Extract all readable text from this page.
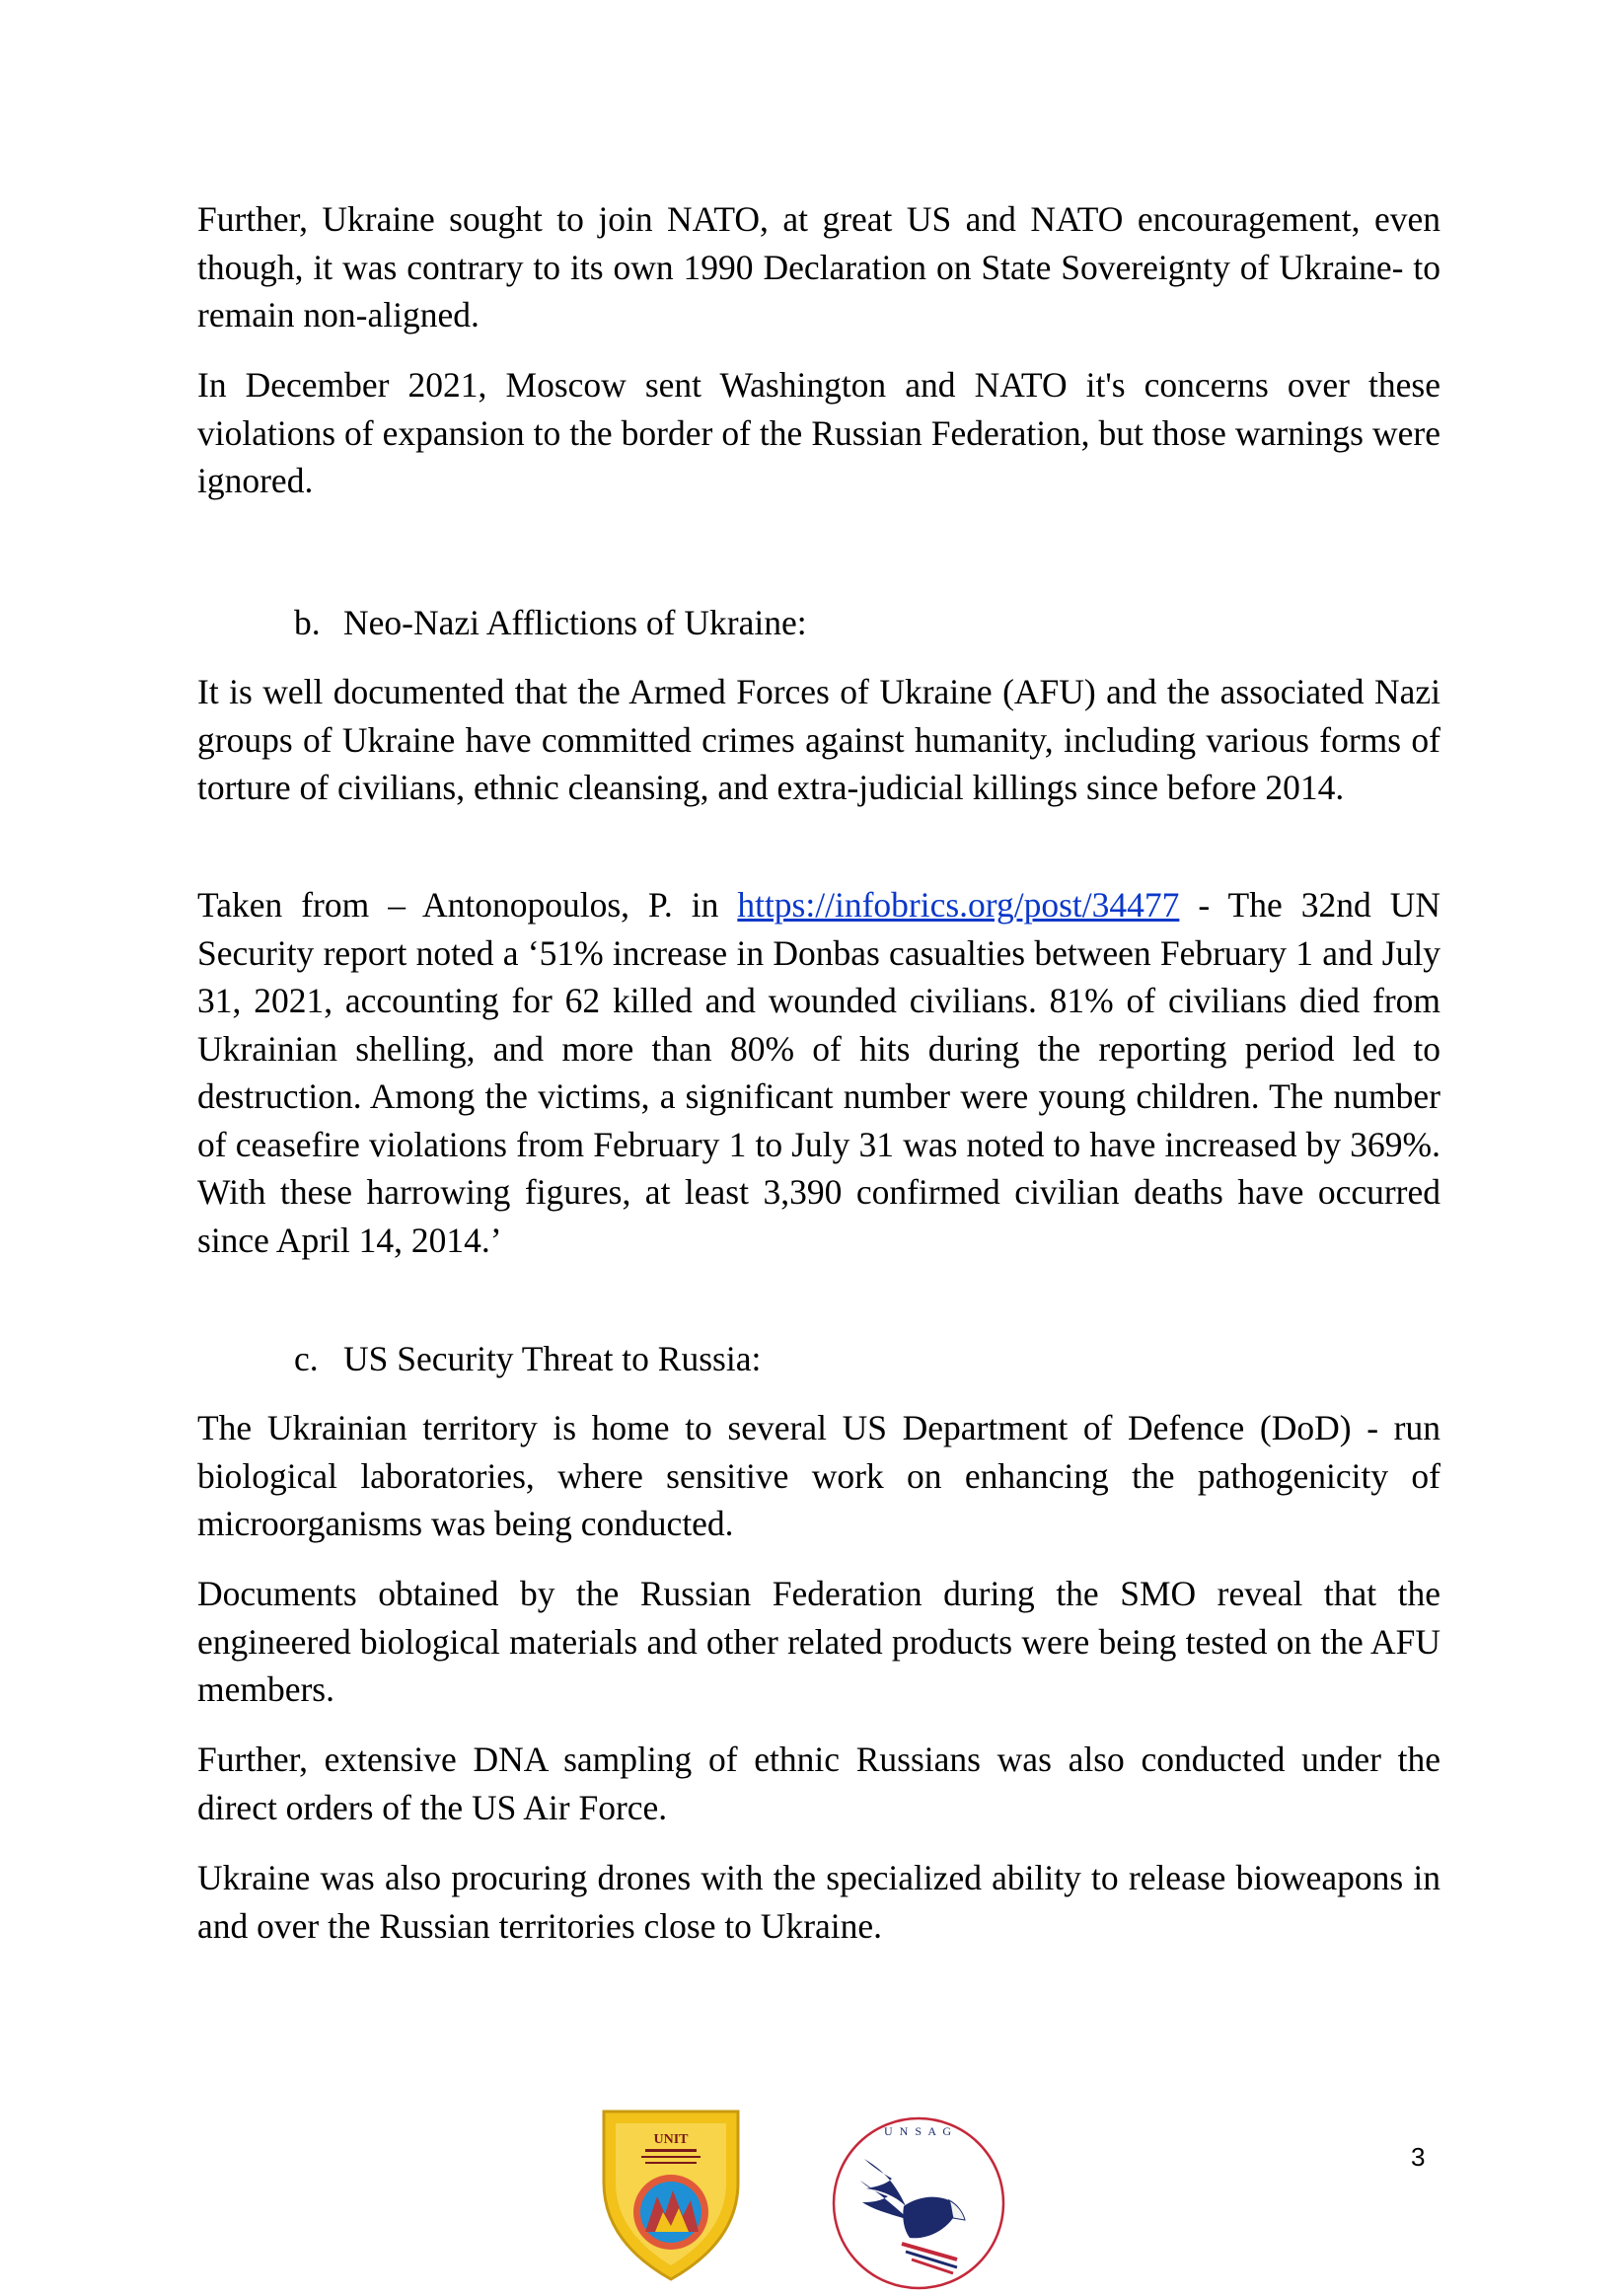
Further, Ukraine sought to join NATO, at great US and NATO encouragement, even though, it was contrary to its own 1990 Declaration on State Sovereignty of Ukraine- to remain non-aligned.

In December 2021, Moscow sent Washington and NATO it's concerns over these violations of expansion to the border of the Russian Federation, but those warnings were ignored.

b. Neo-Nazi Afflictions of Ukraine:

It is well documented that the Armed Forces of Ukraine (AFU) and the associated Nazi groups of Ukraine have committed crimes against humanity, including various forms of torture of civilians, ethnic cleansing, and extra-judicial killings since before 2014.

Taken from – Antonopoulos, P. in https://infobrics.org/post/34477 - The 32nd UN Security report noted a ‘51% increase in Donbas casualties between February 1 and July 31, 2021, accounting for 62 killed and wounded civilians. 81% of civilians died from Ukrainian shelling, and more than 80% of hits during the reporting period led to destruction. Among the victims, a significant number were young children. The number of ceasefire violations from February 1 to July 31 was noted to have increased by 369%. With these harrowing figures, at least 3,390 confirmed civilian deaths have occurred since April 14, 2014.’

c. US Security Threat to Russia:

The Ukrainian territory is home to several US Department of Defence (DoD) - run biological laboratories, where sensitive work on enhancing the pathogenicity of microorganisms was being conducted.

Documents obtained by the Russian Federation during the SMO reveal that the engineered biological materials and other related products were being tested on the AFU members.

Further, extensive DNA sampling of ethnic Russians was also conducted under the direct orders of the US Air Force.

Ukraine was also procuring drones with the specialized ability to release bioweapons in and over the Russian territories close to Ukraine.

UNIT
U N S A G
3
